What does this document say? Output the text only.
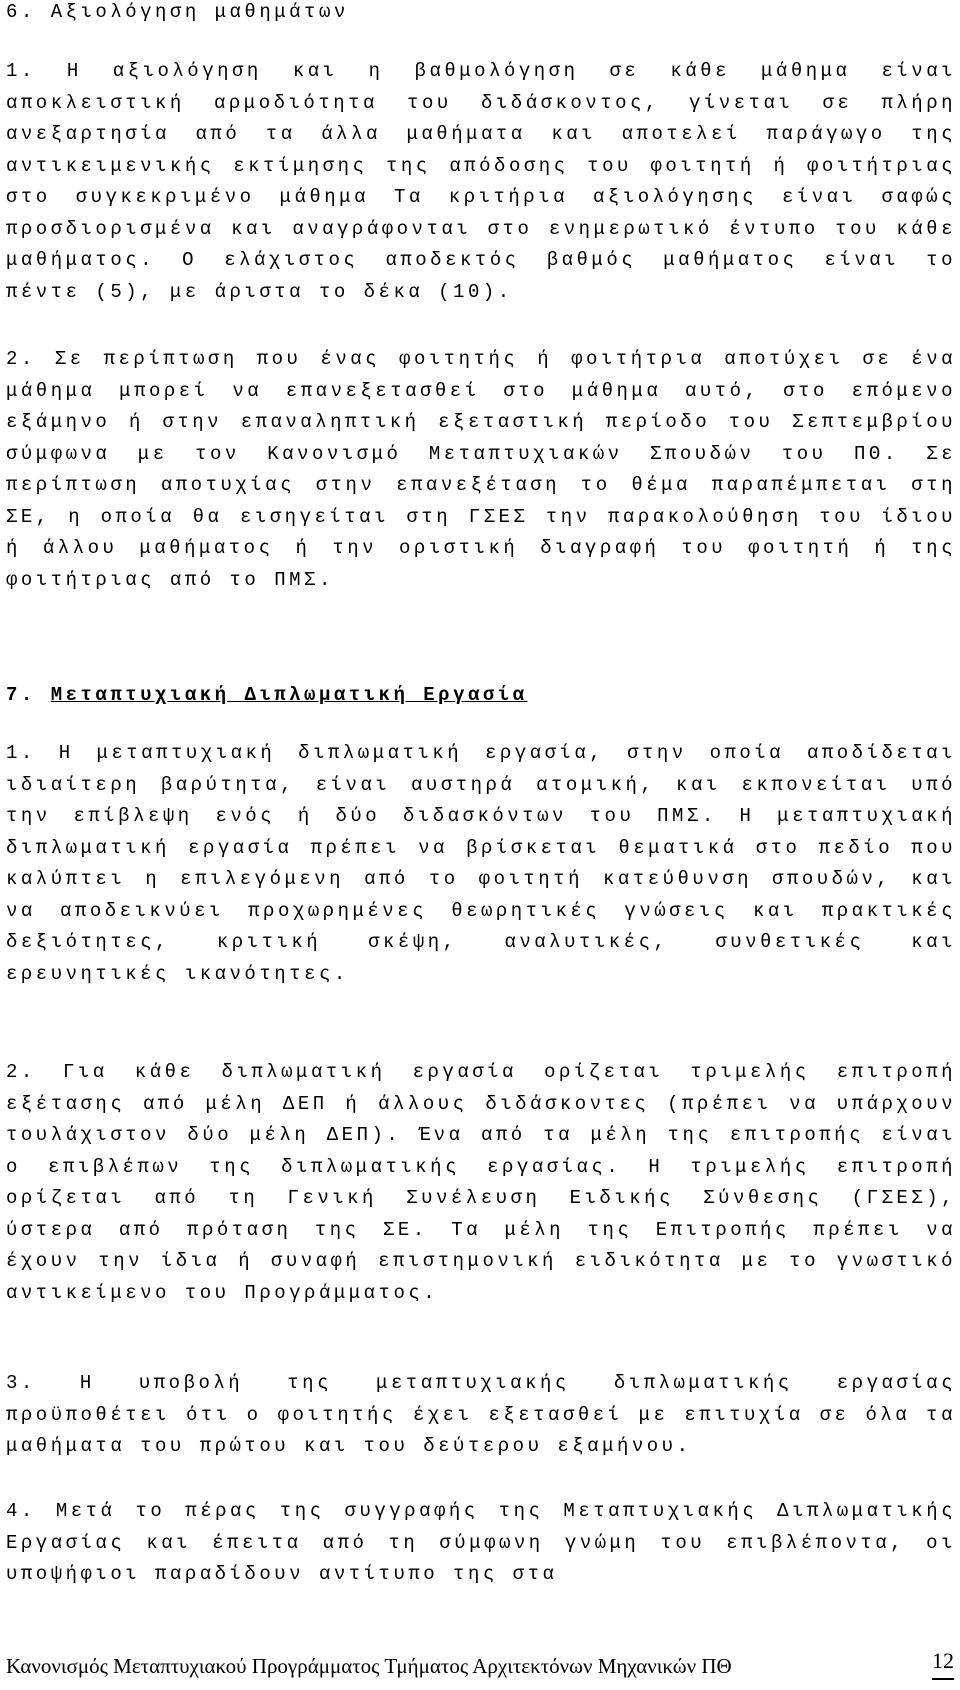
6. Αξιολόγηση μαθημάτων

1. Η αξιολόγηση και η βαθμολόγηση σε κάθε μάθημα είναι αποκλειστική αρμοδιότητα του διδάσκοντος, γίνεται σε πλήρη ανεξαρτησία από τα άλλα μαθήματα και αποτελεί παράγωγο της αντικειμενικής εκτίμησης της απόδοσης του φοιτητή ή φοιτήτριας στο συγκεκριμένο μάθημα Τα κριτήρια αξιολόγησης είναι σαφώς προσδιορισμένα και αναγράφονται στο ενημερωτικό έντυπο του κάθε μαθήματος. Ο ελάχιστος αποδεκτός βαθμός μαθήματος είναι το πέντε (5), με άριστα το δέκα (10).

2. Σε περίπτωση που ένας φοιτητής ή φοιτήτρια αποτύχει σε ένα μάθημα μπορεί να επανεξετασθεί στο μάθημα αυτό, στο επόμενο εξάμηνο ή στην επαναληπτική εξεταστική περίοδο του Σεπτεμβρίου σύμφωνα με τον Κανονισμό Μεταπτυχιακών Σπουδών του ΠΘ. Σε περίπτωση αποτυχίας στην επανεξέταση το θέμα παραπέμπεται στη ΣΕ, η οποία θα εισηγείται στη ΓΣΕΣ την παρακολούθηση του ίδιου ή άλλου μαθήματος ή την οριστική διαγραφή του φοιτητή ή της φοιτήτριας από το ΠΜΣ.

7. Μεταπτυχιακή Διπλωματική Εργασία

1. Η μεταπτυχιακή διπλωματική εργασία, στην οποία αποδίδεται ιδιαίτερη βαρύτητα, είναι αυστηρά ατομική, και εκπονείται υπό την επίβλεψη ενός ή δύο διδασκόντων του ΠΜΣ. Η μεταπτυχιακή διπλωματική εργασία πρέπει να βρίσκεται θεματικά στο πεδίο που καλύπτει η επιλεγόμενη από το φοιτητή κατεύθυνση σπουδών, και να αποδεικνύει προχωρημένες θεωρητικές γνώσεις και πρακτικές δεξιότητες, κριτική σκέψη, αναλυτικές, συνθετικές και ερευνητικές ικανότητες.

2. Για κάθε διπλωματική εργασία ορίζεται τριμελής επιτροπή εξέτασης από μέλη ΔΕΠ ή άλλους διδάσκοντες (πρέπει να υπάρχουν τουλάχιστον δύο μέλη ΔΕΠ). Ένα από τα μέλη της επιτροπής είναι ο επιβλέπων της διπλωματικής εργασίας. Η τριμελής επιτροπή ορίζεται από τη Γενική Συνέλευση Ειδικής Σύνθεσης (ΓΣΕΣ), ύστερα από πρόταση της ΣΕ. Τα μέλη της Επιτροπής πρέπει να έχουν την ίδια ή συναφή επιστημονική ειδικότητα με το γνωστικό αντικείμενο του Προγράμματος.

3. Η υποβολή της μεταπτυχιακής διπλωματικής εργασίας προϋποθέτει ότι ο φοιτητής έχει εξετασθεί με επιτυχία σε όλα τα μαθήματα του πρώτου και του δεύτερου εξαμήνου.

4. Μετά το πέρας της συγγραφής της Μεταπτυχιακής Διπλωματικής Εργασίας και έπειτα από τη σύμφωνη γνώμη του επιβλέποντα, οι υποψήφιοι παραδίδουν αντίτυπο της στα

Κανονισμός Μεταπτυχιακού Προγράμματος Τμήματος Αρχιτεκτόνων Μηχανικών ΠΘ	12
